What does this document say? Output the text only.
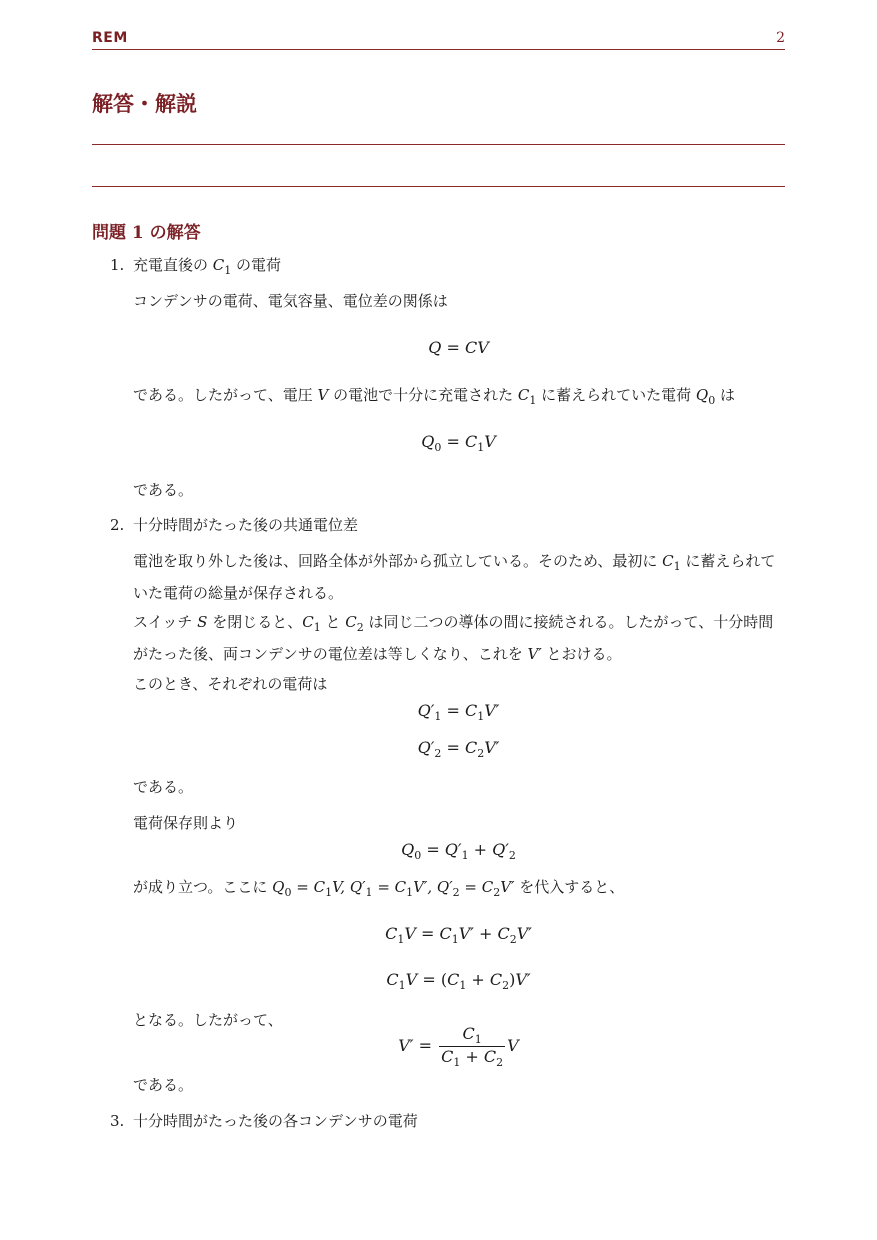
REM	2
解答・解説
問題 1 の解答
1. 充電直後の $C_1$ の電荷
コンデンサの電荷、電気容量、電位差の関係は
Q = CV
である。したがって、電圧 V の電池で十分に充電された $C_1$ に蓄えられていた電荷 $Q_0$ は
$Q_0 = C_1V$
である。
2. 十分時間がたった後の共通電位差
電池を取り外した後は、回路全体が外部から孤立している。そのため、最初に $C_1$ に蓄えられていた電荷の総量が保存される。
スイッチ S を閉じると、$C_1$ と $C_2$ は同じ二つの導体の間に接続される。したがって、十分時間がたった後、両コンデンサの電位差は等しくなり、これを V′ とおける。
このとき、それぞれの電荷は
$Q'_1 = C_1V'$
$Q'_2 = C_2V'$
である。
電荷保存則より
$Q_0 = Q'_1 + Q'_2$
が成り立つ。ここに $Q_0 = C_1V$, $Q'_1 = C_1V'$, $Q'_2 = C_2V'$ を代入すると、
$C_1V = C_1V' + C_2V'$
$C_1V = (C_1 + C_2)V'$
となる。したがって、
$V' = \frac{C_1}{C_1 + C_2}$ V
である。
3. 十分時間がたった後の各コンデンサの電荷
